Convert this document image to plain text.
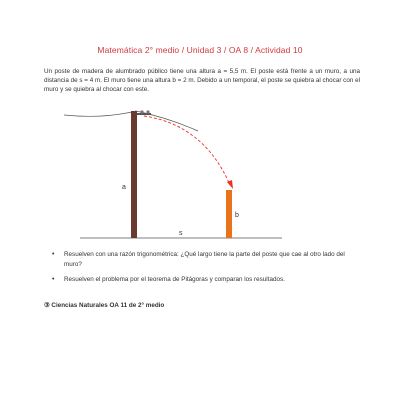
Matemática 2° medio / Unidad 3 / OA 8 / Actividad 10

Un poste de madera de alumbrado público tiene una altura a = 5,5 m. El poste está frente a un muro, a una distancia de s = 4 m. El muro tiene una altura b = 2 m. Debido a un temporal, el poste se quiebra al chocar con el muro y se quiebra al chocar con este.

a
b
s
• Resuelven con una razón trigonométrica: ¿Qué largo tiene la parte del poste que cae al otro lado del muro?
• Resuelven el problema por el teorema de Pitágoras y comparan los resultados.
③ Ciencias Naturales OA 11 de 2° medio
